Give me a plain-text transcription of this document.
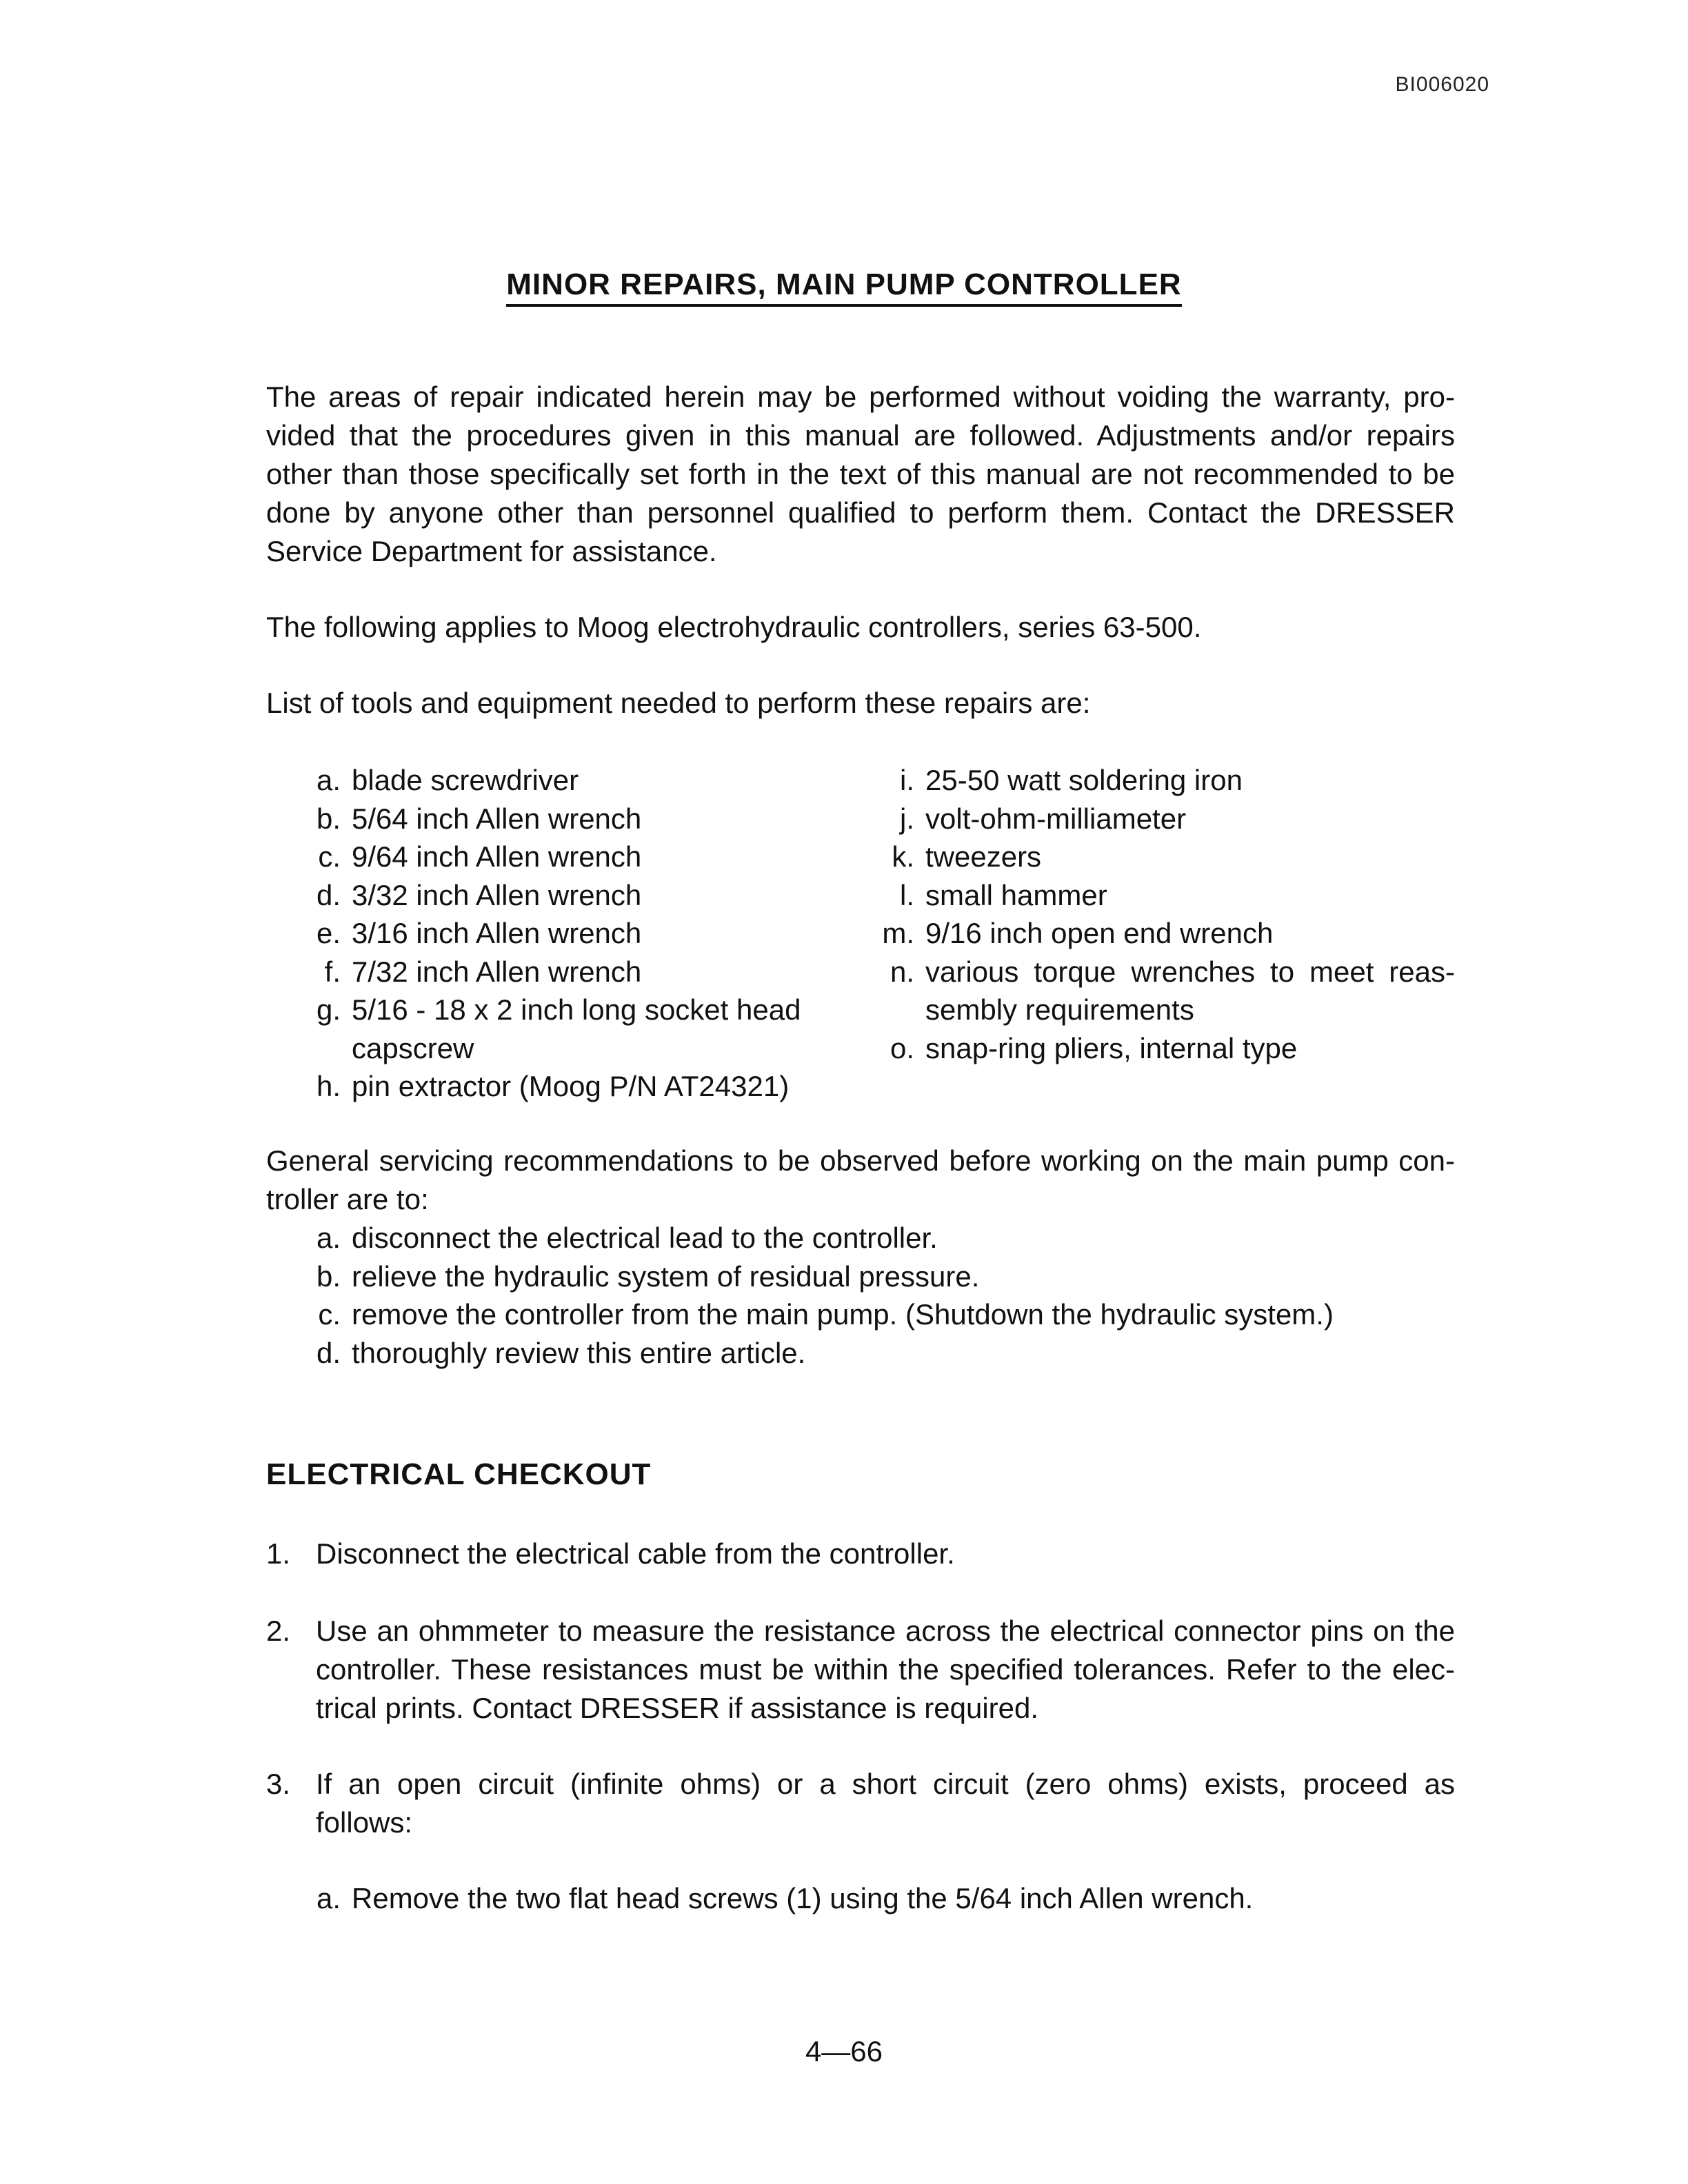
BI006020
MINOR REPAIRS, MAIN PUMP CONTROLLER
The areas of repair indicated herein may be performed without voiding the warranty, pro-
vided that the procedures given in this manual are followed. Adjustments and/or repairs
other than those specifically set forth in the text of this manual are not recommended to be
done by anyone other than personnel qualified to perform them. Contact the DRESSER
Service Department for assistance.
The following applies to Moog electrohydraulic controllers, series 63-500.
List of tools and equipment needed to perform these repairs are:
a. blade screwdriver
b. 5/64 inch Allen wrench
c. 9/64 inch Allen wrench
d. 3/32 inch Allen wrench
e. 3/16 inch Allen wrench
f. 7/32 inch Allen wrench
g. 5/16 - 18 x 2 inch long socket head
capscrew
h. pin extractor (Moog P/N AT24321)
i. 25-50 watt soldering iron
j. volt-ohm-milliameter
k. tweezers
l. small hammer
m. 9/16 inch open end wrench
n. various torque wrenches to meet reas-
sembly requirements
o. snap-ring pliers, internal type
General servicing recommendations to be observed before working on the main pump con-
troller are to:
a. disconnect the electrical lead to the controller.
b. relieve the hydraulic system of residual pressure.
c. remove the controller from the main pump. (Shutdown the hydraulic system.)
d. thoroughly review this entire article.
ELECTRICAL CHECKOUT
1. Disconnect the electrical cable from the controller.
2. Use an ohmmeter to measure the resistance across the electrical connector pins on the
controller. These resistances must be within the specified tolerances. Refer to the elec-
trical prints. Contact DRESSER if assistance is required.
3. If an open circuit (infinite ohms) or a short circuit (zero ohms) exists, proceed as
follows:
a. Remove the two flat head screws (1) using the 5/64 inch Allen wrench.
4—66
